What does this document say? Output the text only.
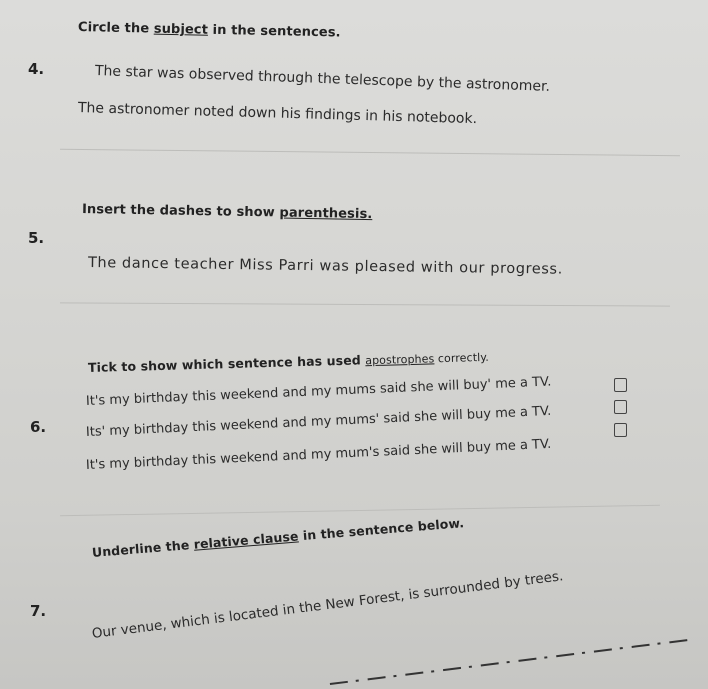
Circle the subject in the sentences.
4.	The star was observed through the telescope by the astronomer.
The astronomer noted down his findings in his notebook.
Insert the dashes to show parenthesis.
5.
The dance teacher Miss Parri was pleased with our progress.
Tick to show which sentence has used apostrophes correctly.
6.
It's my birthday this weekend and my mums said she will buy' me a TV.
Its' my birthday this weekend and my mums' said she will buy me a TV.
It's my birthday this weekend and my mum's said she will buy me a TV.
Underline the relative clause in the sentence below.
7.	Our venue, which is located in the New Forest, is surrounded by trees.
